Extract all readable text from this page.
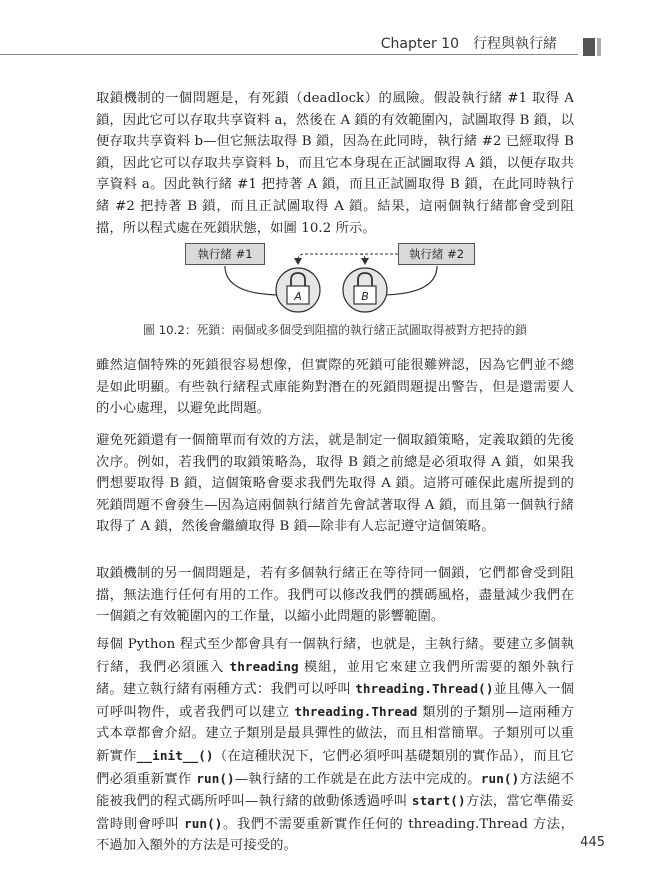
Chapter 10　行程與執行緒

取鎖機制的一個問題是，有死鎖（deadlock）的風險。假設執行緒 #1 取得 A 鎖，因此它可以存取共享資料 a，然後在 A 鎖的有效範圍內，試圖取得 B 鎖，以便存取共享資料 b—但它無法取得 B 鎖，因為在此同時，執行緒 #2 已經取得 B 鎖，因此它可以存取共享資料 b，而且它本身現在正試圖取得 A 鎖，以便存取共享資料 a。因此執行緒 #1 把持著 A 鎖，而且正試圖取得 B 鎖，在此同時執行緒 #2 把持著 B 鎖，而且正試圖取得 A 鎖。結果，這兩個執行緒都會受到阻擋，所以程式處在死鎖狀態，如圖 10.2 所示。

執行緒 #1	執行緒 #2
A	B

圖 10.2：死鎖：兩個或多個受到阻擋的執行緒正試圖取得被對方把持的鎖

雖然這個特殊的死鎖很容易想像，但實際的死鎖可能很難辨認，因為它們並不總是如此明顯。有些執行緒程式庫能夠對潛在的死鎖問題提出警告，但是還需要人的小心處理，以避免此問題。

避免死鎖還有一個簡單而有效的方法，就是制定一個取鎖策略，定義取鎖的先後次序。例如，若我們的取鎖策略為，取得 B 鎖之前總是必須取得 A 鎖，如果我們想要取得 B 鎖，這個策略會要求我們先取得 A 鎖。這將可確保此處所提到的死鎖問題不會發生—因為這兩個執行緒首先會試著取得 A 鎖，而且第一個執行緒取得了 A 鎖，然後會繼續取得 B 鎖—除非有人忘記遵守這個策略。

取鎖機制的另一個問題是，若有多個執行緒正在等待同一個鎖，它們都會受到阻擋，無法進行任何有用的工作。我們可以修改我們的撰碼風格，盡量減少我們在一個鎖之有效範圍內的工作量，以縮小此問題的影響範圍。

每個 Python 程式至少都會具有一個執行緒，也就是，主執行緒。要建立多個執行緒，我們必須匯入 threading 模組，並用它來建立我們所需要的額外執行緒。建立執行緒有兩種方式：我們可以呼叫 threading.Thread()並且傳入一個可呼叫物件，或者我們可以建立 threading.Thread 類別的子類別—這兩種方式本章都會介紹。建立子類別是最具彈性的做法，而且相當簡單。子類別可以重新實作__init__()（在這種狀況下，它們必須呼叫基礎類別的實作品），而且它們必須重新實作 run()—執行緒的工作就是在此方法中完成的。run()方法絕不能被我們的程式碼所呼叫—執行緒的啟動係透過呼叫 start()方法，當它準備妥當時則會呼叫 run()。我們不需要重新實作任何的 threading.Thread 方法，不過加入額外的方法是可接受的。	445
